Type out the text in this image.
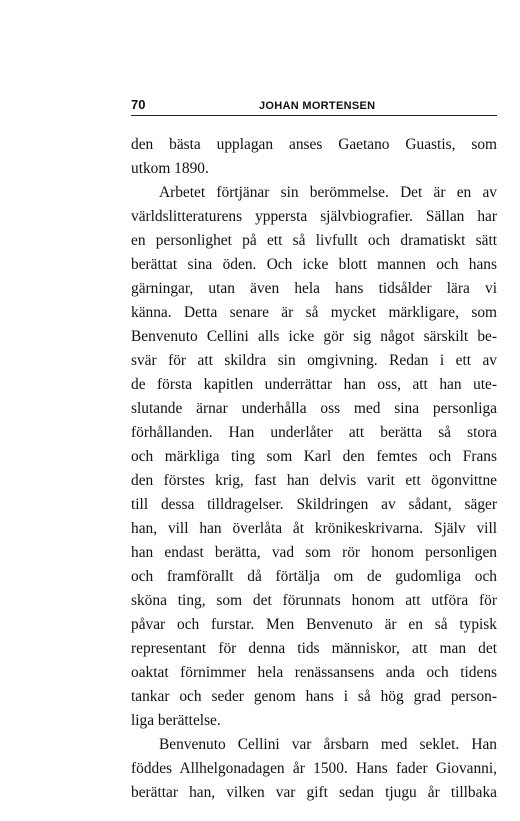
70	JOHAN MORTENSEN
den bästa upplagan anses Gaetano Guastis, som
utkom 1890.
Arbetet förtjänar sin berömmelse. Det är en av
världslitteraturens yppersta självbiografier. Sällan har
en personlighet på ett så livfullt och dramatiskt sätt
berättat sina öden. Och icke blott mannen och hans
gärningar, utan även hela hans tidsålder lära vi
känna. Detta senare är så mycket märkligare, som
Benvenuto Cellini alls icke gör sig något särskilt be-
svär för att skildra sin omgivning. Redan i ett av
de första kapitlen underrättar han oss, att han ute-
slutande ärnar underhålla oss med sina personliga
förhållanden. Han underlåter att berätta så stora
och märkliga ting som Karl den femtes och Frans
den förstes krig, fast han delvis varit ett ögonvittne
till dessa tilldragelser. Skildringen av sådant, säger
han, vill han överlåta åt krönikeskrivarna. Själv vill
han endast berätta, vad som rör honom personligen
och framförallt då förtälja om de gudomliga och
sköna ting, som det förunnats honom att utföra för
påvar och furstar. Men Benvenuto är en så typisk
representant för denna tids människor, att man det
oaktat förnimmer hela renässansens anda och tidens
tankar och seder genom hans i så hög grad person-
liga berättelse.
Benvenuto Cellini var årsbarn med seklet. Han
föddes Allhelgonadagen år 1500. Hans fader Giovanni,
berättar han, vilken var gift sedan tjugu år tillbaka
